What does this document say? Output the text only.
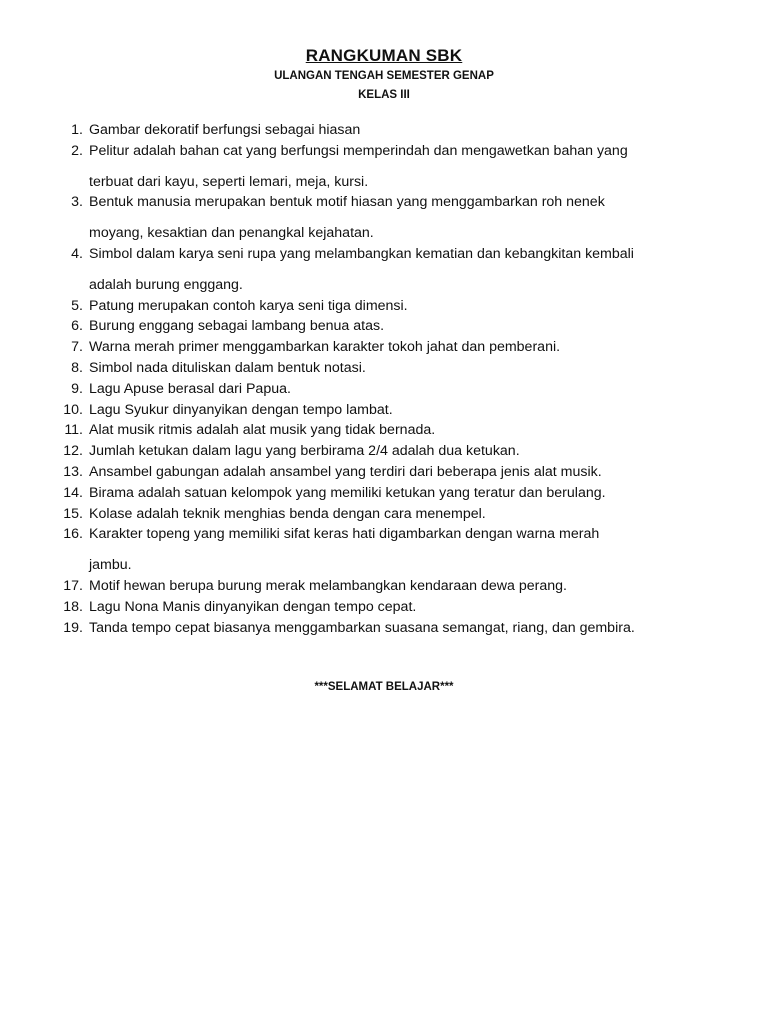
RANGKUMAN SBK
ULANGAN TENGAH SEMESTER GENAP
KELAS III
1. Gambar dekoratif berfungsi sebagai hiasan
2. Pelitur adalah bahan cat yang berfungsi memperindah dan mengawetkan bahan yang
terbuat dari kayu, seperti lemari, meja, kursi.
3. Bentuk manusia merupakan bentuk motif hiasan yang menggambarkan roh nenek
moyang, kesaktian dan penangkal kejahatan.
4. Simbol dalam karya seni rupa yang melambangkan kematian dan kebangkitan kembali
adalah burung enggang.
5. Patung merupakan contoh karya seni tiga dimensi.
6. Burung enggang sebagai lambang benua atas.
7. Warna merah primer menggambarkan karakter tokoh jahat dan pemberani.
8. Simbol nada dituliskan dalam bentuk notasi.
9. Lagu Apuse berasal dari Papua.
10. Lagu Syukur dinyanyikan dengan tempo lambat.
11. Alat musik ritmis adalah alat musik yang tidak bernada.
12. Jumlah ketukan dalam lagu yang berbirama 2/4 adalah dua ketukan.
13. Ansambel gabungan adalah ansambel yang terdiri dari beberapa jenis alat musik.
14. Birama adalah satuan kelompok yang memiliki ketukan yang teratur dan berulang.
15. Kolase adalah teknik menghias benda dengan cara menempel.
16. Karakter topeng yang memiliki sifat keras hati digambarkan dengan warna merah
jambu.
17. Motif hewan berupa burung merak melambangkan kendaraan dewa perang.
18. Lagu Nona Manis dinyanyikan dengan tempo cepat.
19. Tanda tempo cepat biasanya menggambarkan suasana semangat, riang, dan gembira.
***SELAMAT BELAJAR***
